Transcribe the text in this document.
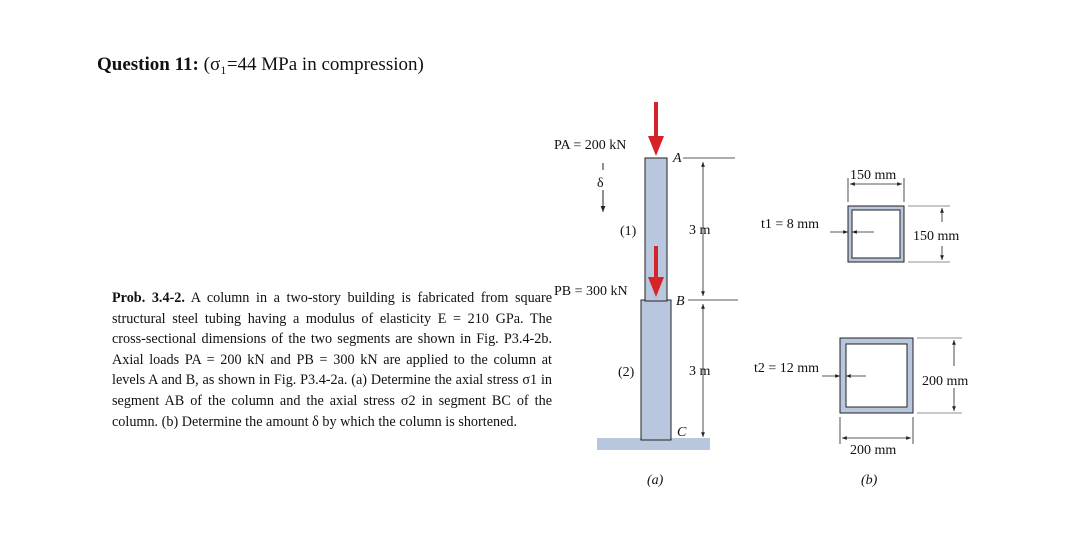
Question 11: (σ₁=44 MPa in compression)
Prob. 3.4-2. A column in a two-story building is fabricated from square structural steel tubing having a modulus of elasticity E = 210 GPa. The cross-sectional dimensions of the two segments are shown in Fig. P3.4-2b. Axial loads PA = 200 kN and PB = 300 kN are applied to the column at levels A and B, as shown in Fig. P3.4-2a. (a) Determine the axial stress σ1 in segment AB of the column and the axial stress σ2 in segment BC of the column. (b) Determine the amount δ by which the column is shortened.
PA = 200 kN
δ
A
(1)	3 m
PB = 300 kN
B
(2)	3 m
C
(a)
t1 = 8 mm
t2 = 12 mm
150 mm
150 mm
200 mm
200 mm
(b)
